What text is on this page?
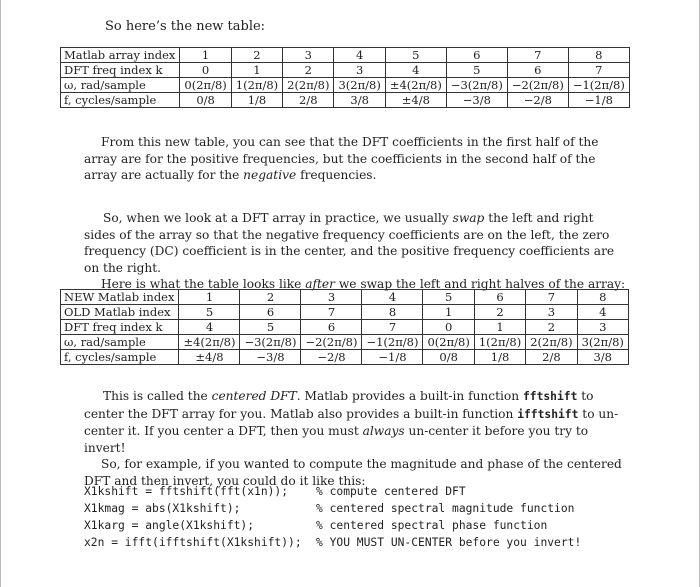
So here’s the new table:
Matlab array index	1	2	3	4	5	6	7	8
DFT freq index k	0	1	2	3	4	5	6	7
ω, rad/sample	0(2π/8)	1(2π/8)	2(2π/8)	3(2π/8)	±4(2π/8)	−3(2π/8)	−2(2π/8)	−1(2π/8)
f, cycles/sample	0/8	1/8	2/8	3/8	±4/8	−3/8	−2/8	−1/8

From this new table, you can see that the DFT coefficients in the first half of the array are for the positive frequencies, but the coefficients in the second half of the array are actually for the negative frequencies.

So, when we look at a DFT array in practice, we usually swap the left and right sides of the array so that the negative frequency coefficients are on the left, the zero frequency (DC) coefficient is in the center, and the positive frequency coefficients are on the right.

Here is what the table looks like after we swap the left and right halves of the array:

NEW Matlab index	1	2	3	4	5	6	7	8
OLD Matlab index	5	6	7	8	1	2	3	4
DFT freq index k	4	5	6	7	0	1	2	3
ω, rad/sample	±4(2π/8)	−3(2π/8)	−2(2π/8)	−1(2π/8)	0(2π/8)	1(2π/8)	2(2π/8)	3(2π/8)
f, cycles/sample	±4/8	−3/8	−2/8	−1/8	0/8	1/8	2/8	3/8

This is called the centered DFT. Matlab provides a built-in function fftshift to center the DFT array for you. Matlab also provides a built-in function ifftshift to un-center it. If you center a DFT, then you must always un-center it before you try to invert!

So, for example, if you wanted to compute the magnitude and phase of the centered DFT and then invert, you could do it like this:

X1kshift = fftshift(fft(x1n));	% compute centered DFT
X1kmag = abs(X1kshift);	% centered spectral magnitude function
X1karg = angle(X1kshift);	% centered spectral phase function
x2n = ifft(ifftshift(X1kshift));	% YOU MUST UN-CENTER before you invert!
